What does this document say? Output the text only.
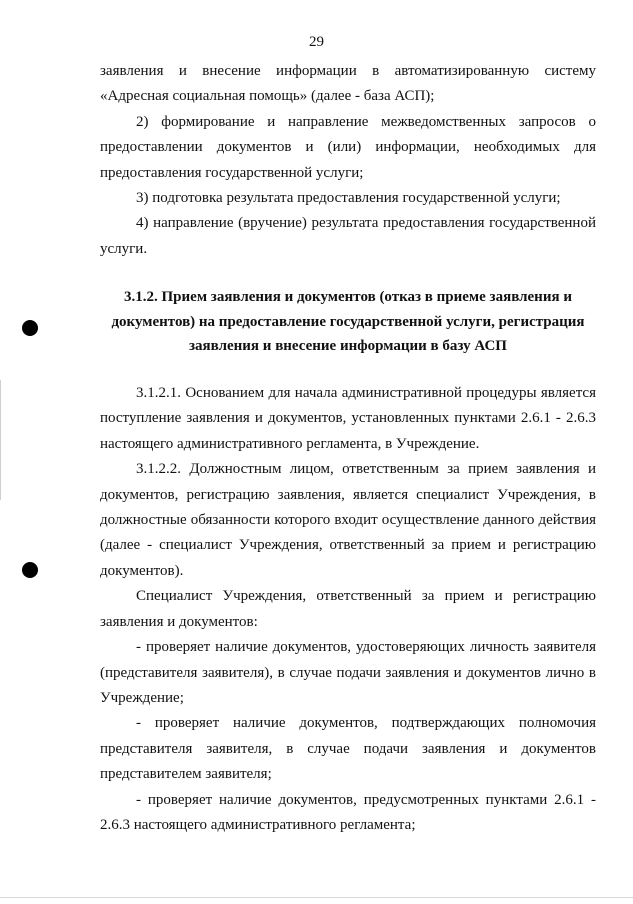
29

заявления и внесение информации в автоматизированную систему «Адресная социальная помощь» (далее - база АСП);

2) формирование и направление межведомственных запросов о предоставлении документов и (или) информации, необходимых для предоставления государственной услуги;

3) подготовка результата предоставления государственной услуги;

4) направление (вручение) результата предоставления государственной услуги.

3.1.2. Прием заявления и документов (отказ в приеме заявления и документов) на предоставление государственной услуги, регистрация заявления и внесение информации в базу АСП

3.1.2.1. Основанием для начала административной процедуры является поступление заявления и документов, установленных пунктами 2.6.1 - 2.6.3 настоящего административного регламента, в Учреждение.

3.1.2.2. Должностным лицом, ответственным за прием заявления и документов, регистрацию заявления, является специалист Учреждения, в должностные обязанности которого входит осуществление данного действия (далее - специалист Учреждения, ответственный за прием и регистрацию документов).

Специалист Учреждения, ответственный за прием и регистрацию заявления и документов:

- проверяет наличие документов, удостоверяющих личность заявителя (представителя заявителя), в случае подачи заявления и документов лично в Учреждение;

- проверяет наличие документов, подтверждающих полномочия представителя заявителя, в случае подачи заявления и документов представителем заявителя;

- проверяет наличие документов, предусмотренных пунктами 2.6.1 - 2.6.3 настоящего административного регламента;
